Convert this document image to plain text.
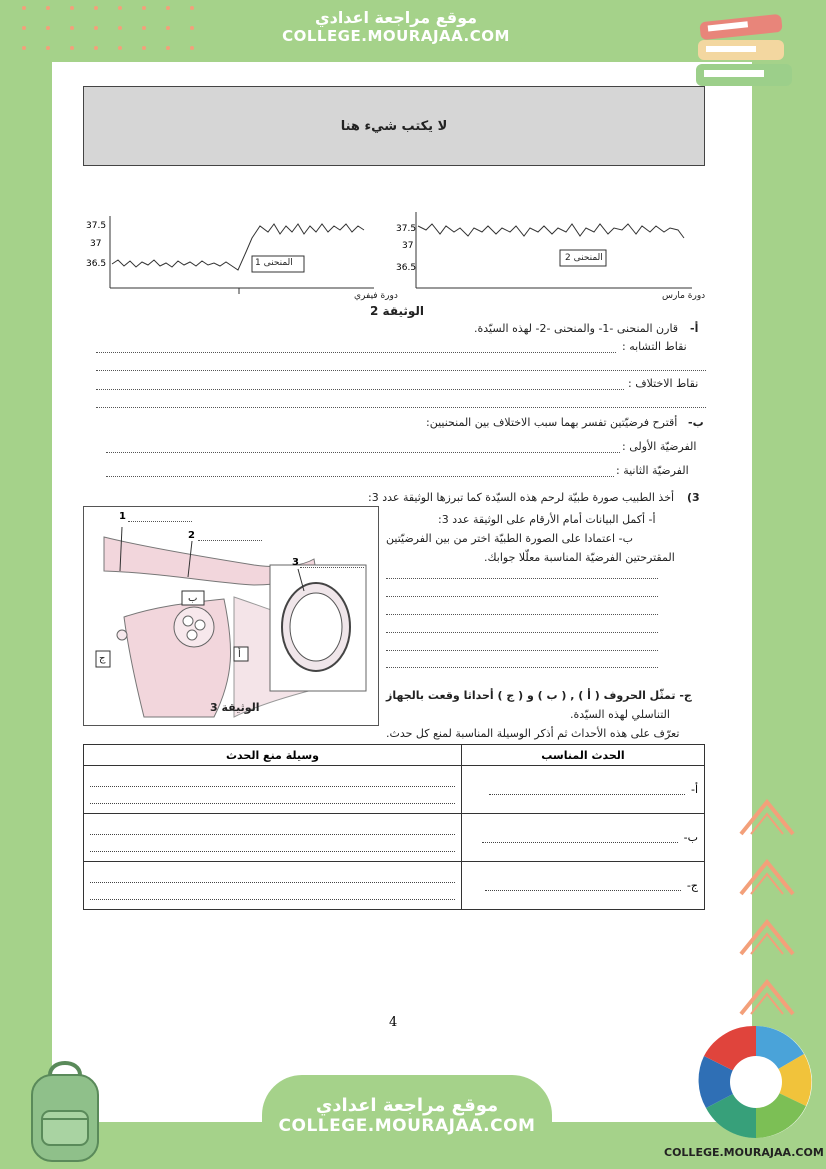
موقع مراجعة اعدادي
COLLEGE.MOURAJAA.COM
لا يكتب شيء هنا
المنحنى 1
37.5
37
36.5
دورة فيفري
المنحنى 2
37.5
37
36.5
دورة مارس
الوثيقة 2
أ-
قارن المنحنى -1- والمنحنى -2- لهذه السيّدة.
نقاط التشابه :
نقاط الاختلاف :
ب-
أقترح فرضيّتين تفسر بهما سبب الاختلاف بين المنحنيين:
الفرضيّة الأولى :
الفرضيّة الثانية :
3)
أخذ الطبيب صورة طبيّة لرحم هذه السيّدة كما تبرزها الوثيقة عدد 3:
1
2
3
ب
أ
ج
الوثيقة 3
أ- أكمل البيانات أمام الأرقام على الوثيقة عدد 3:
ب- اعتمادا على الصورة الطبيّة اختر من بين الفرضيّتين
المقترحتين الفرضيّة المناسبة معلّلا جوابك.
ج- تمثّل الحروف ( أ ) , ( ب ) و ( ج ) أحداثا وقعت بالجهاز
التناسلي لهذه السيّدة.
تعرّف على هذه الأحداث ثم أذكر الوسيلة المناسبة لمنع كل حدث.
الحدث المناسب	وسيلة منع الحدث

أ-	

ب-	

ج-	

4
COLLEGE.MOURAJAA.COM
موقع مراجعة اعدادي
COLLEGE.MOURAJAA.COM
